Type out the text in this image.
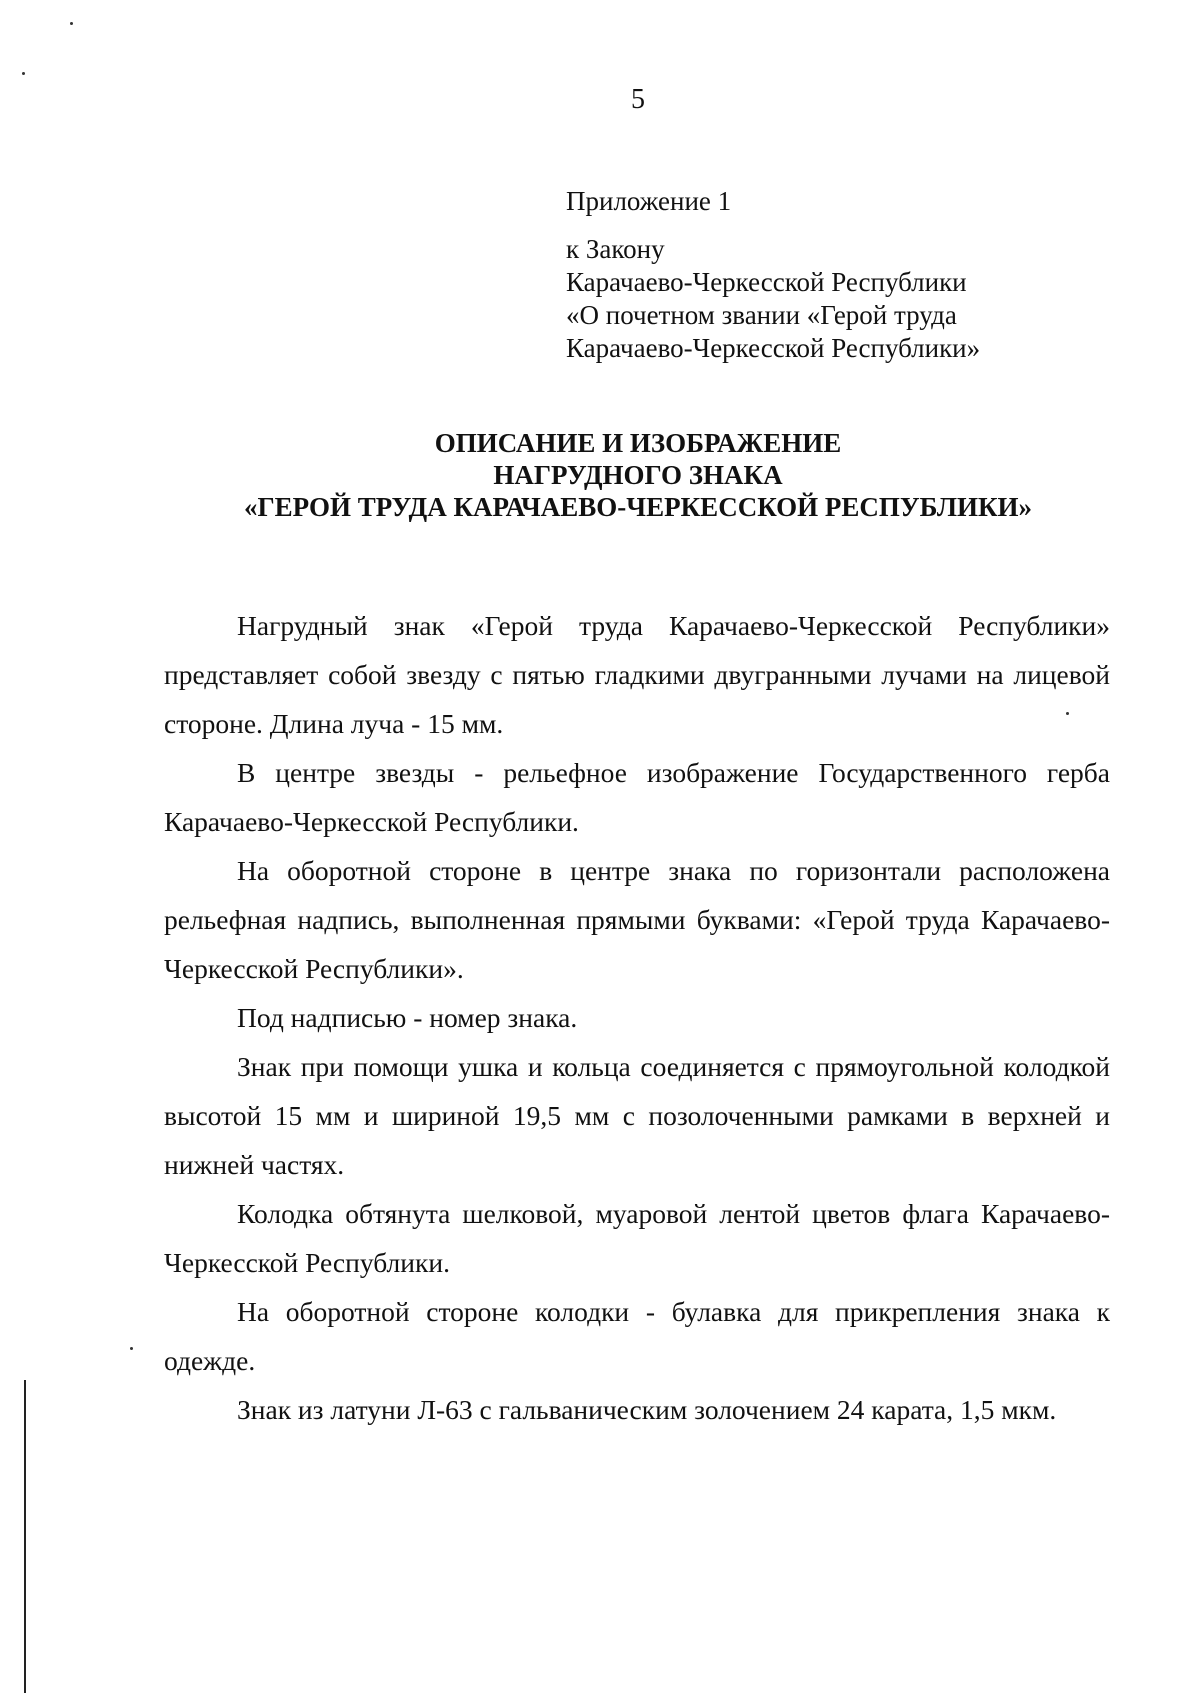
5
Приложение 1
к Закону
Карачаево-Черкесской Республики
«О почетном звании «Герой труда
Карачаево-Черкесской Республики»
ОПИСАНИЕ И ИЗОБРАЖЕНИЕ
НАГРУДНОГО ЗНАКА
«ГЕРОЙ ТРУДА КАРАЧАЕВО-ЧЕРКЕССКОЙ РЕСПУБЛИКИ»

Нагрудный знак «Герой труда Карачаево-Черкесской Республики» представляет собой звезду с пятью гладкими двугранными лучами на лицевой стороне. Длина луча - 15 мм.

В центре звезды - рельефное изображение Государственного герба Карачаево-Черкесской Республики.

На оборотной стороне в центре знака по горизонтали расположена рельефная надпись, выполненная прямыми буквами: «Герой труда Карачаево-Черкесской Республики».

Под надписью - номер знака.

Знак при помощи ушка и кольца соединяется с прямоугольной колодкой высотой 15 мм и шириной 19,5 мм с позолоченными рамками в верхней и нижней частях.

Колодка обтянута шелковой, муаровой лентой цветов флага Карачаево-Черкесской Республики.

На оборотной стороне колодки - булавка для прикрепления знака к одежде.

Знак из латуни Л-63 с гальваническим золочением 24 карата, 1,5 мкм.
